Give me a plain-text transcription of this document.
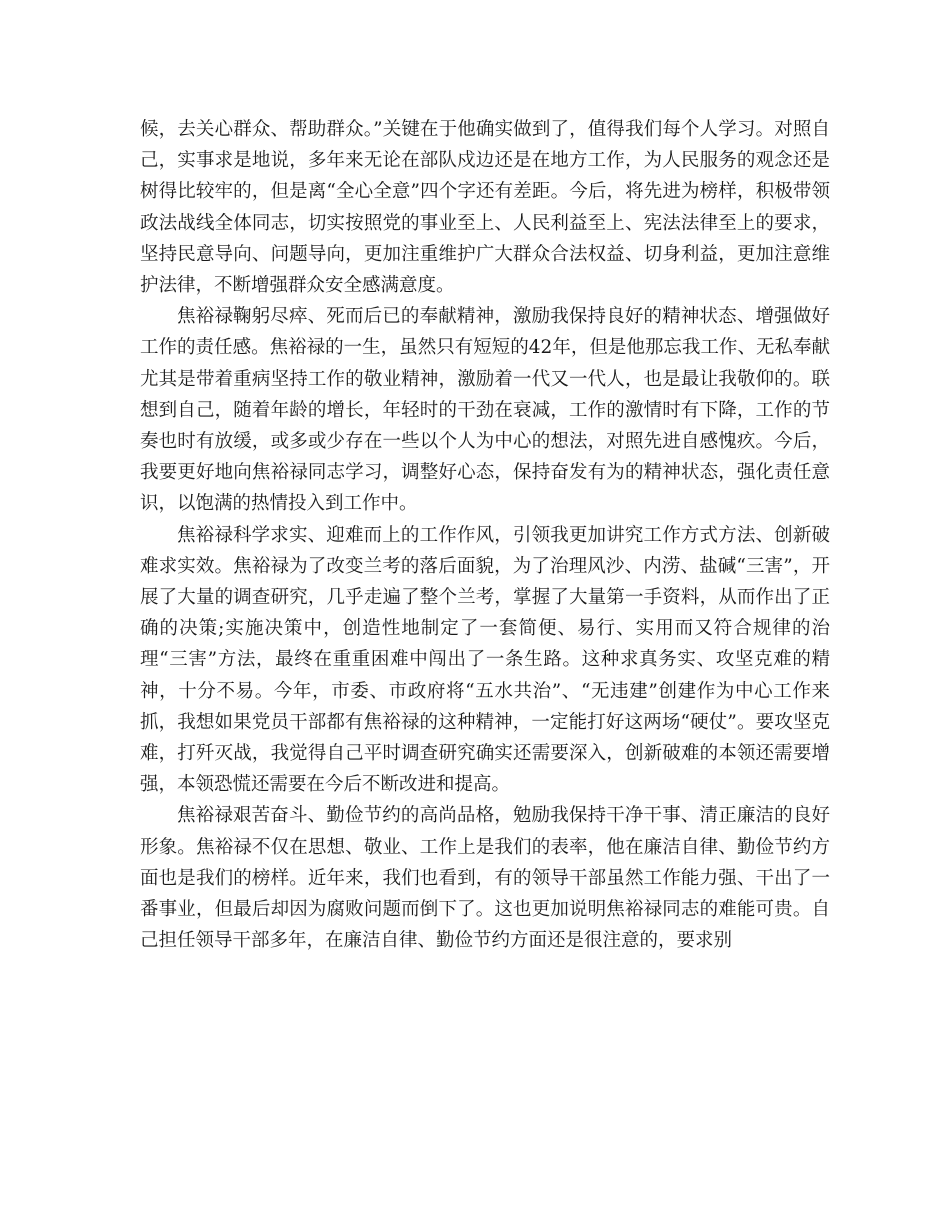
候，去关心群众、帮助群众。”关键在于他确实做到了，值得我们每个人学习。对照自己，实事求是地说，多年来无论在部队戍边还是在地方工作，为人民服务的观念还是树得比较牢的，但是离“全心全意”四个字还有差距。今后，将先进为榜样，积极带领政法战线全体同志，切实按照党的事业至上、人民利益至上、宪法法律至上的要求，坚持民意导向、问题导向，更加注重维护广大群众合法权益、切身利益，更加注意维护法律，不断增强群众安全感满意度。

焦裕禄鞠躬尽瘁、死而后已的奉献精神，激励我保持良好的精神状态、增强做好工作的责任感。焦裕禄的一生，虽然只有短短的42年，但是他那忘我工作、无私奉献尤其是带着重病坚持工作的敬业精神，激励着一代又一代人，也是最让我敬仰的。联想到自己，随着年龄的增长，年轻时的干劲在衰减，工作的激情时有下降，工作的节奏也时有放缓，或多或少存在一些以个人为中心的想法，对照先进自感愧疚。今后，我要更好地向焦裕禄同志学习，调整好心态，保持奋发有为的精神状态，强化责任意识，以饱满的热情投入到工作中。

焦裕禄科学求实、迎难而上的工作作风，引领我更加讲究工作方式方法、创新破难求实效。焦裕禄为了改变兰考的落后面貌，为了治理风沙、内涝、盐碱“三害”，开展了大量的调查研究，几乎走遍了整个兰考，掌握了大量第一手资料，从而作出了正确的决策;实施决策中，创造性地制定了一套简便、易行、实用而又符合规律的治理“三害”方法，最终在重重困难中闯出了一条生路。这种求真务实、攻坚克难的精神，十分不易。今年，市委、市政府将“五水共治”、“无违建”创建作为中心工作来抓，我想如果党员干部都有焦裕禄的这种精神，一定能打好这两场“硬仗”。要攻坚克难，打歼灭战，我觉得自己平时调查研究确实还需要深入，创新破难的本领还需要增强，本领恐慌还需要在今后不断改进和提高。

焦裕禄艰苦奋斗、勤俭节约的高尚品格，勉励我保持干净干事、清正廉洁的良好形象。焦裕禄不仅在思想、敬业、工作上是我们的表率，他在廉洁自律、勤俭节约方面也是我们的榜样。近年来，我们也看到，有的领导干部虽然工作能力强、干出了一番事业，但最后却因为腐败问题而倒下了。这也更加说明焦裕禄同志的难能可贵。自己担任领导干部多年，在廉洁自律、勤俭节约方面还是很注意的，要求别
